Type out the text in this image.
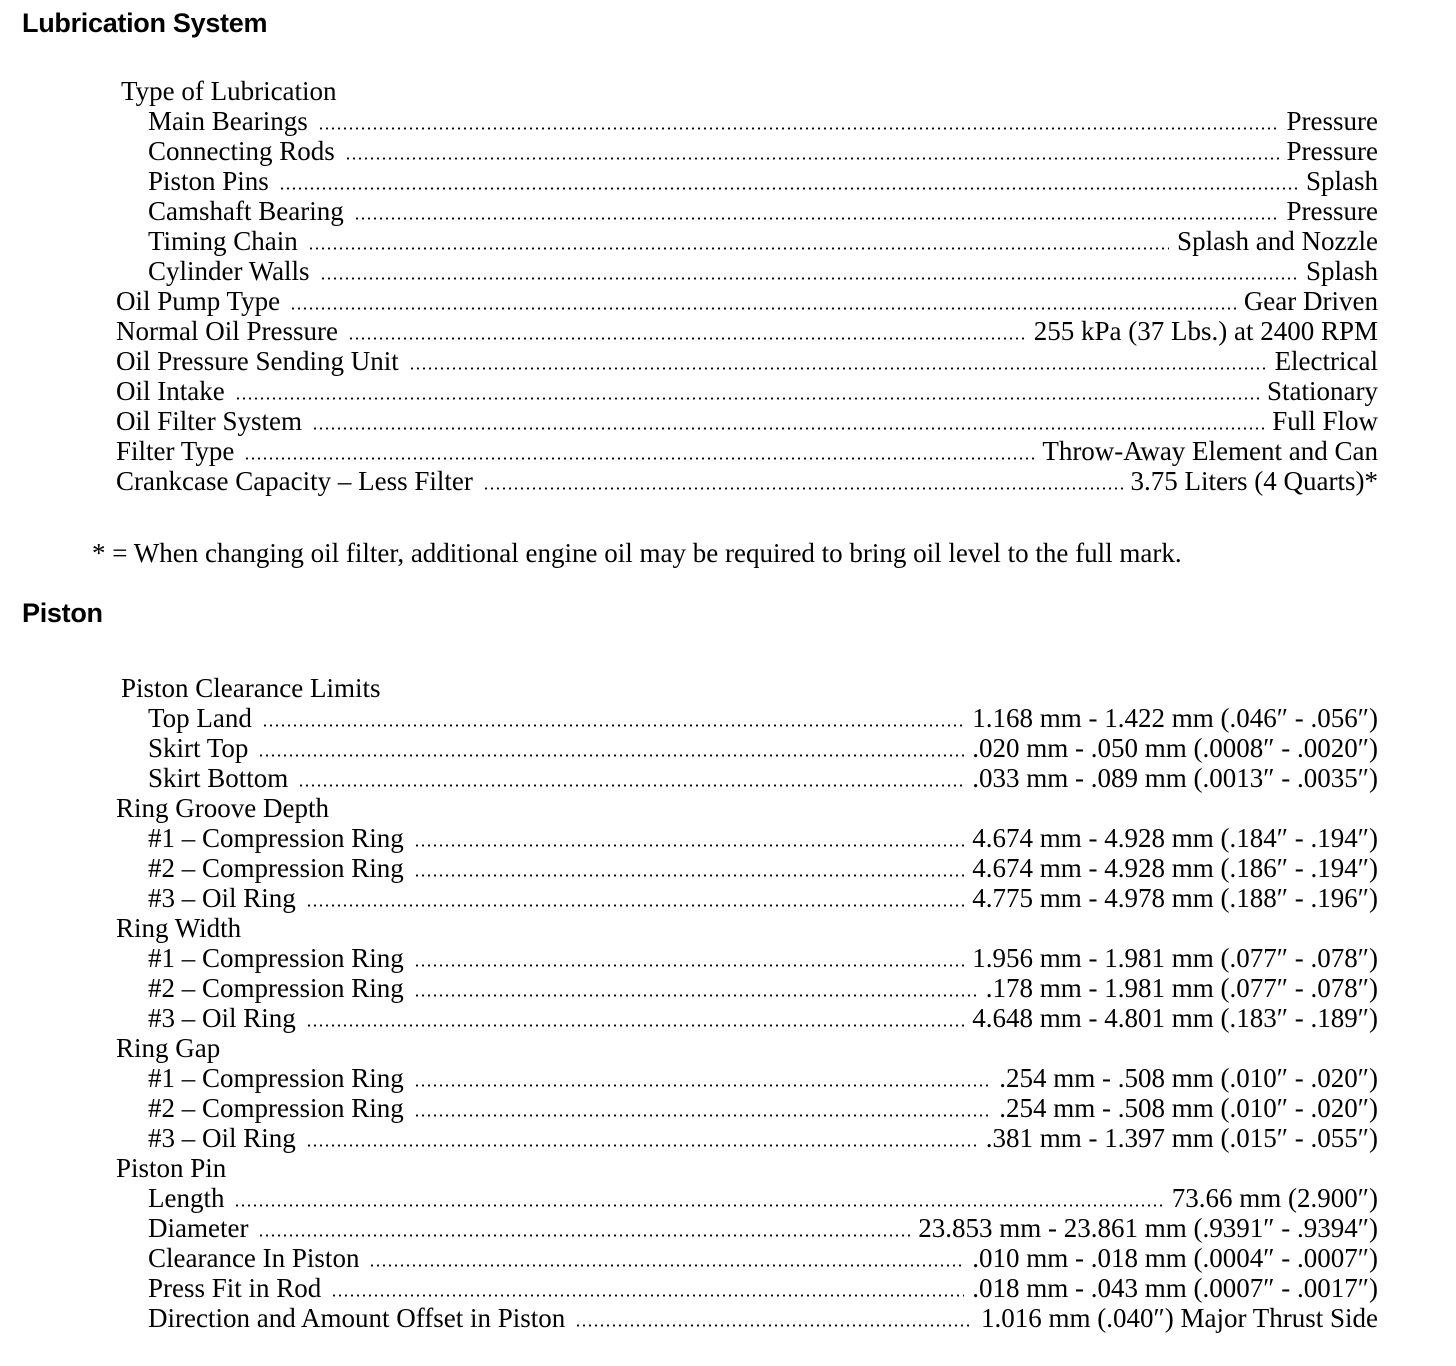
Lubrication System
Type of Lubrication
Main Bearings	Pressure
Connecting Rods	Pressure
Piston Pins	Splash
Camshaft Bearing	Pressure
Timing Chain	Splash and Nozzle
Cylinder Walls	Splash
Oil Pump Type	Gear Driven
Normal Oil Pressure	255 kPa (37 Lbs.) at 2400 RPM
Oil Pressure Sending Unit	Electrical
Oil Intake	Stationary
Oil Filter System	Full Flow
Filter Type	Throw-Away Element and Can
Crankcase Capacity – Less Filter	3.75 Liters (4 Quarts)*

* = When changing oil filter, additional engine oil may be required to bring oil level to the full mark.

Piston
Piston Clearance Limits
Top Land	1.168 mm - 1.422 mm (.046″ - .056″)
Skirt Top	.020 mm - .050 mm (.0008″ - .0020″)
Skirt Bottom	.033 mm - .089 mm (.0013″ - .0035″)
Ring Groove Depth
#1 – Compression Ring	4.674 mm - 4.928 mm (.184″ - .194″)
#2 – Compression Ring	4.674 mm - 4.928 mm (.186″ - .194″)
#3 – Oil Ring	4.775 mm - 4.978 mm (.188″ - .196″)
Ring Width
#1 – Compression Ring	1.956 mm - 1.981 mm (.077″ - .078″)
#2 – Compression Ring	.178 mm - 1.981 mm (.077″ - .078″)
#3 – Oil Ring	4.648 mm - 4.801 mm (.183″ - .189″)
Ring Gap
#1 – Compression Ring	.254 mm - .508 mm (.010″ - .020″)
#2 – Compression Ring	.254 mm - .508 mm (.010″ - .020″)
#3 – Oil Ring	.381 mm - 1.397 mm (.015″ - .055″)
Piston Pin
Length	73.66 mm (2.900″)
Diameter	23.853 mm - 23.861 mm (.9391″ - .9394″)
Clearance In Piston	.010 mm - .018 mm (.0004″ - .0007″)
Press Fit in Rod	.018 mm - .043 mm (.0007″ - .0017″)
Direction and Amount Offset in Piston	1.016 mm (.040″) Major Thrust Side
